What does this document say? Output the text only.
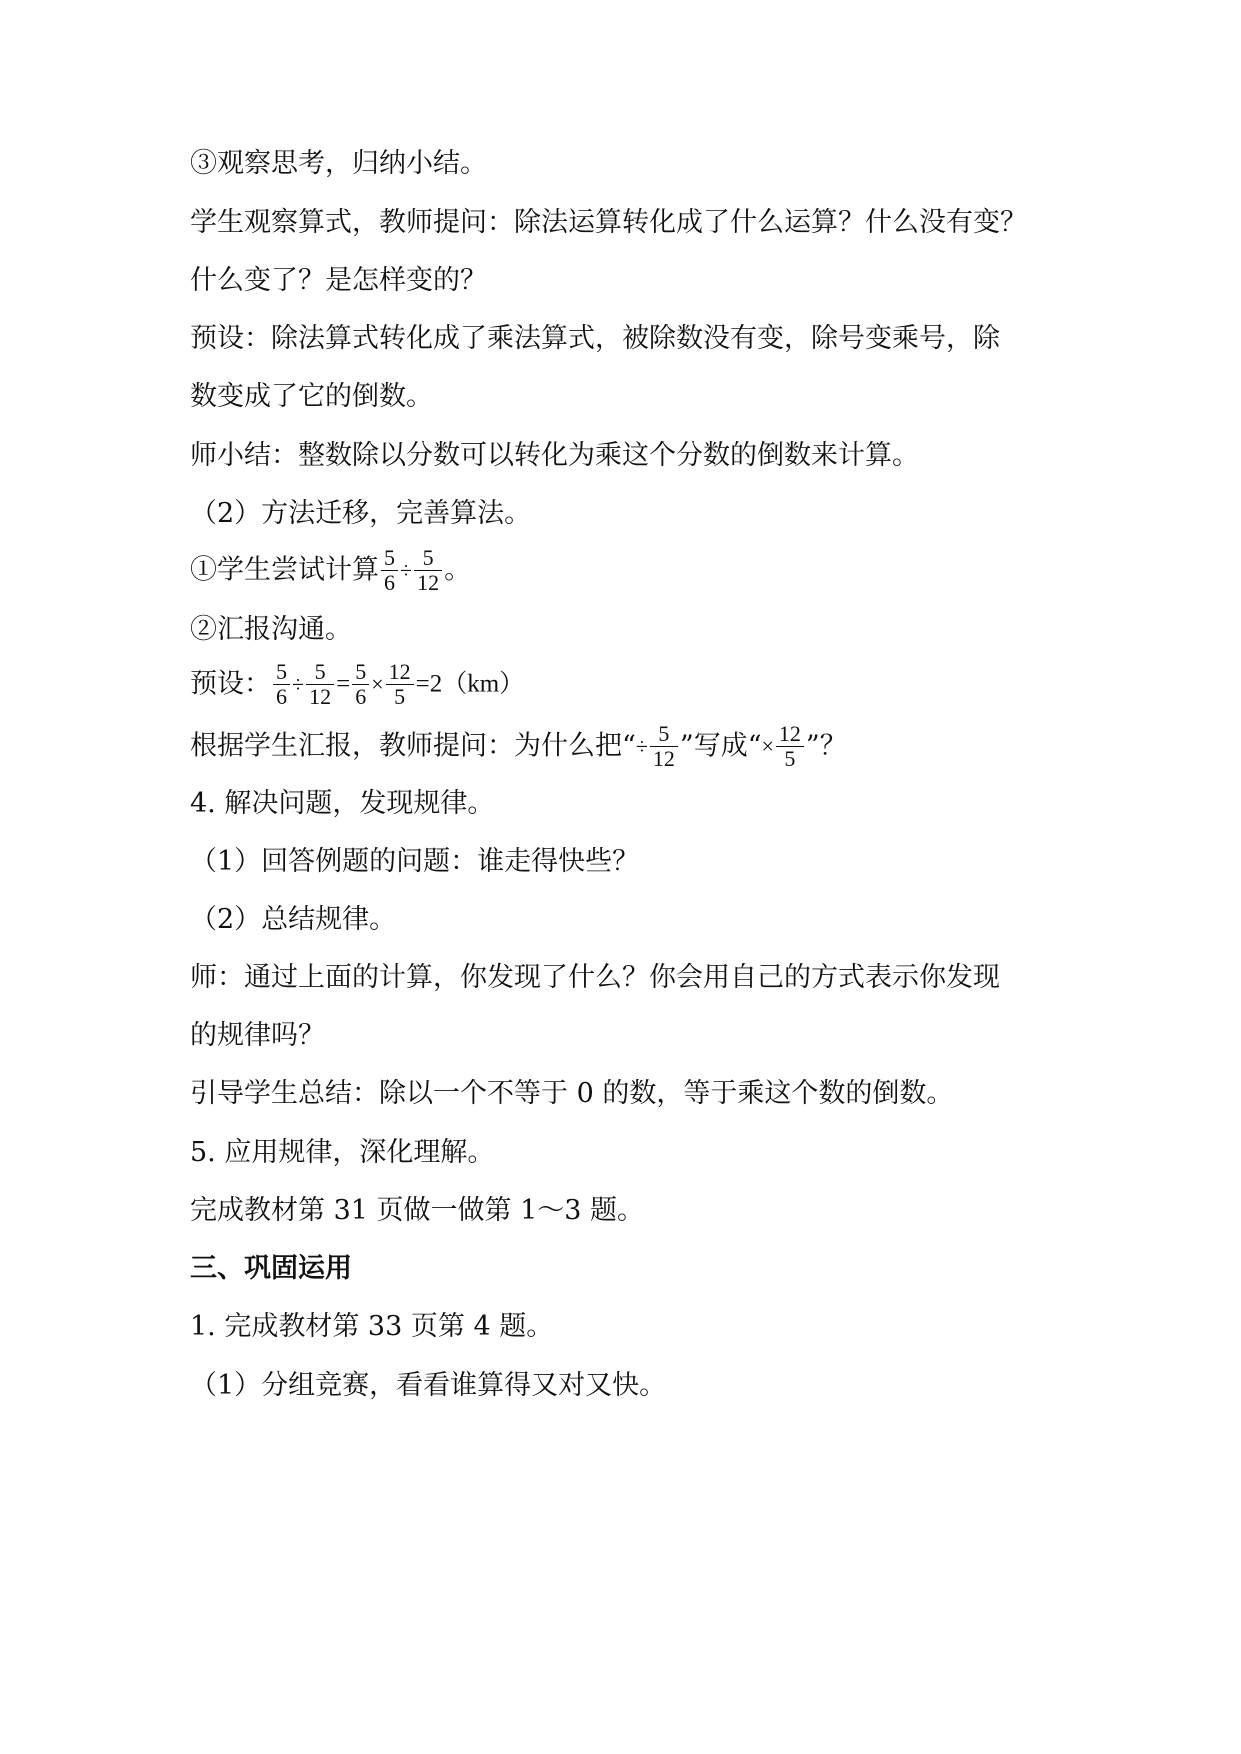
③观察思考，归纳小结。
学生观察算式，教师提问：除法运算转化成了什么运算？什么没有变？
什么变了？是怎样变的？
预设：除法算式转化成了乘法算式，被除数没有变，除号变乘号，除
数变成了它的倒数。
师小结：整数除以分数可以转化为乘这个分数的倒数来计算。
（2）方法迁移，完善算法。
①学生尝试计算 $\frac{5}{6} \div \frac{5}{12}$ 。
②汇报沟通。
预设： $\frac{5}{6} \div \frac{5}{12} = \frac{5}{6} \times \frac{12}{5} =2(km)$
根据学生汇报，教师提问：为什么把“÷ $\frac{5}{12}$ ”写成“× $\frac{12}{5}$ ”？
4. 解决问题，发现规律。
（1）回答例题的问题：谁走得快些？
（2）总结规律。
师：通过上面的计算，你发现了什么？你会用自己的方式表示你发现
的规律吗？
引导学生总结：除以一个不等于 0 的数，等于乘这个数的倒数。
5. 应用规律，深化理解。
完成教材第 31 页做一做第 1～3 题。
三、巩固运用
1. 完成教材第 33 页第 4 题。
（1）分组竞赛，看看谁算得又对又快。
